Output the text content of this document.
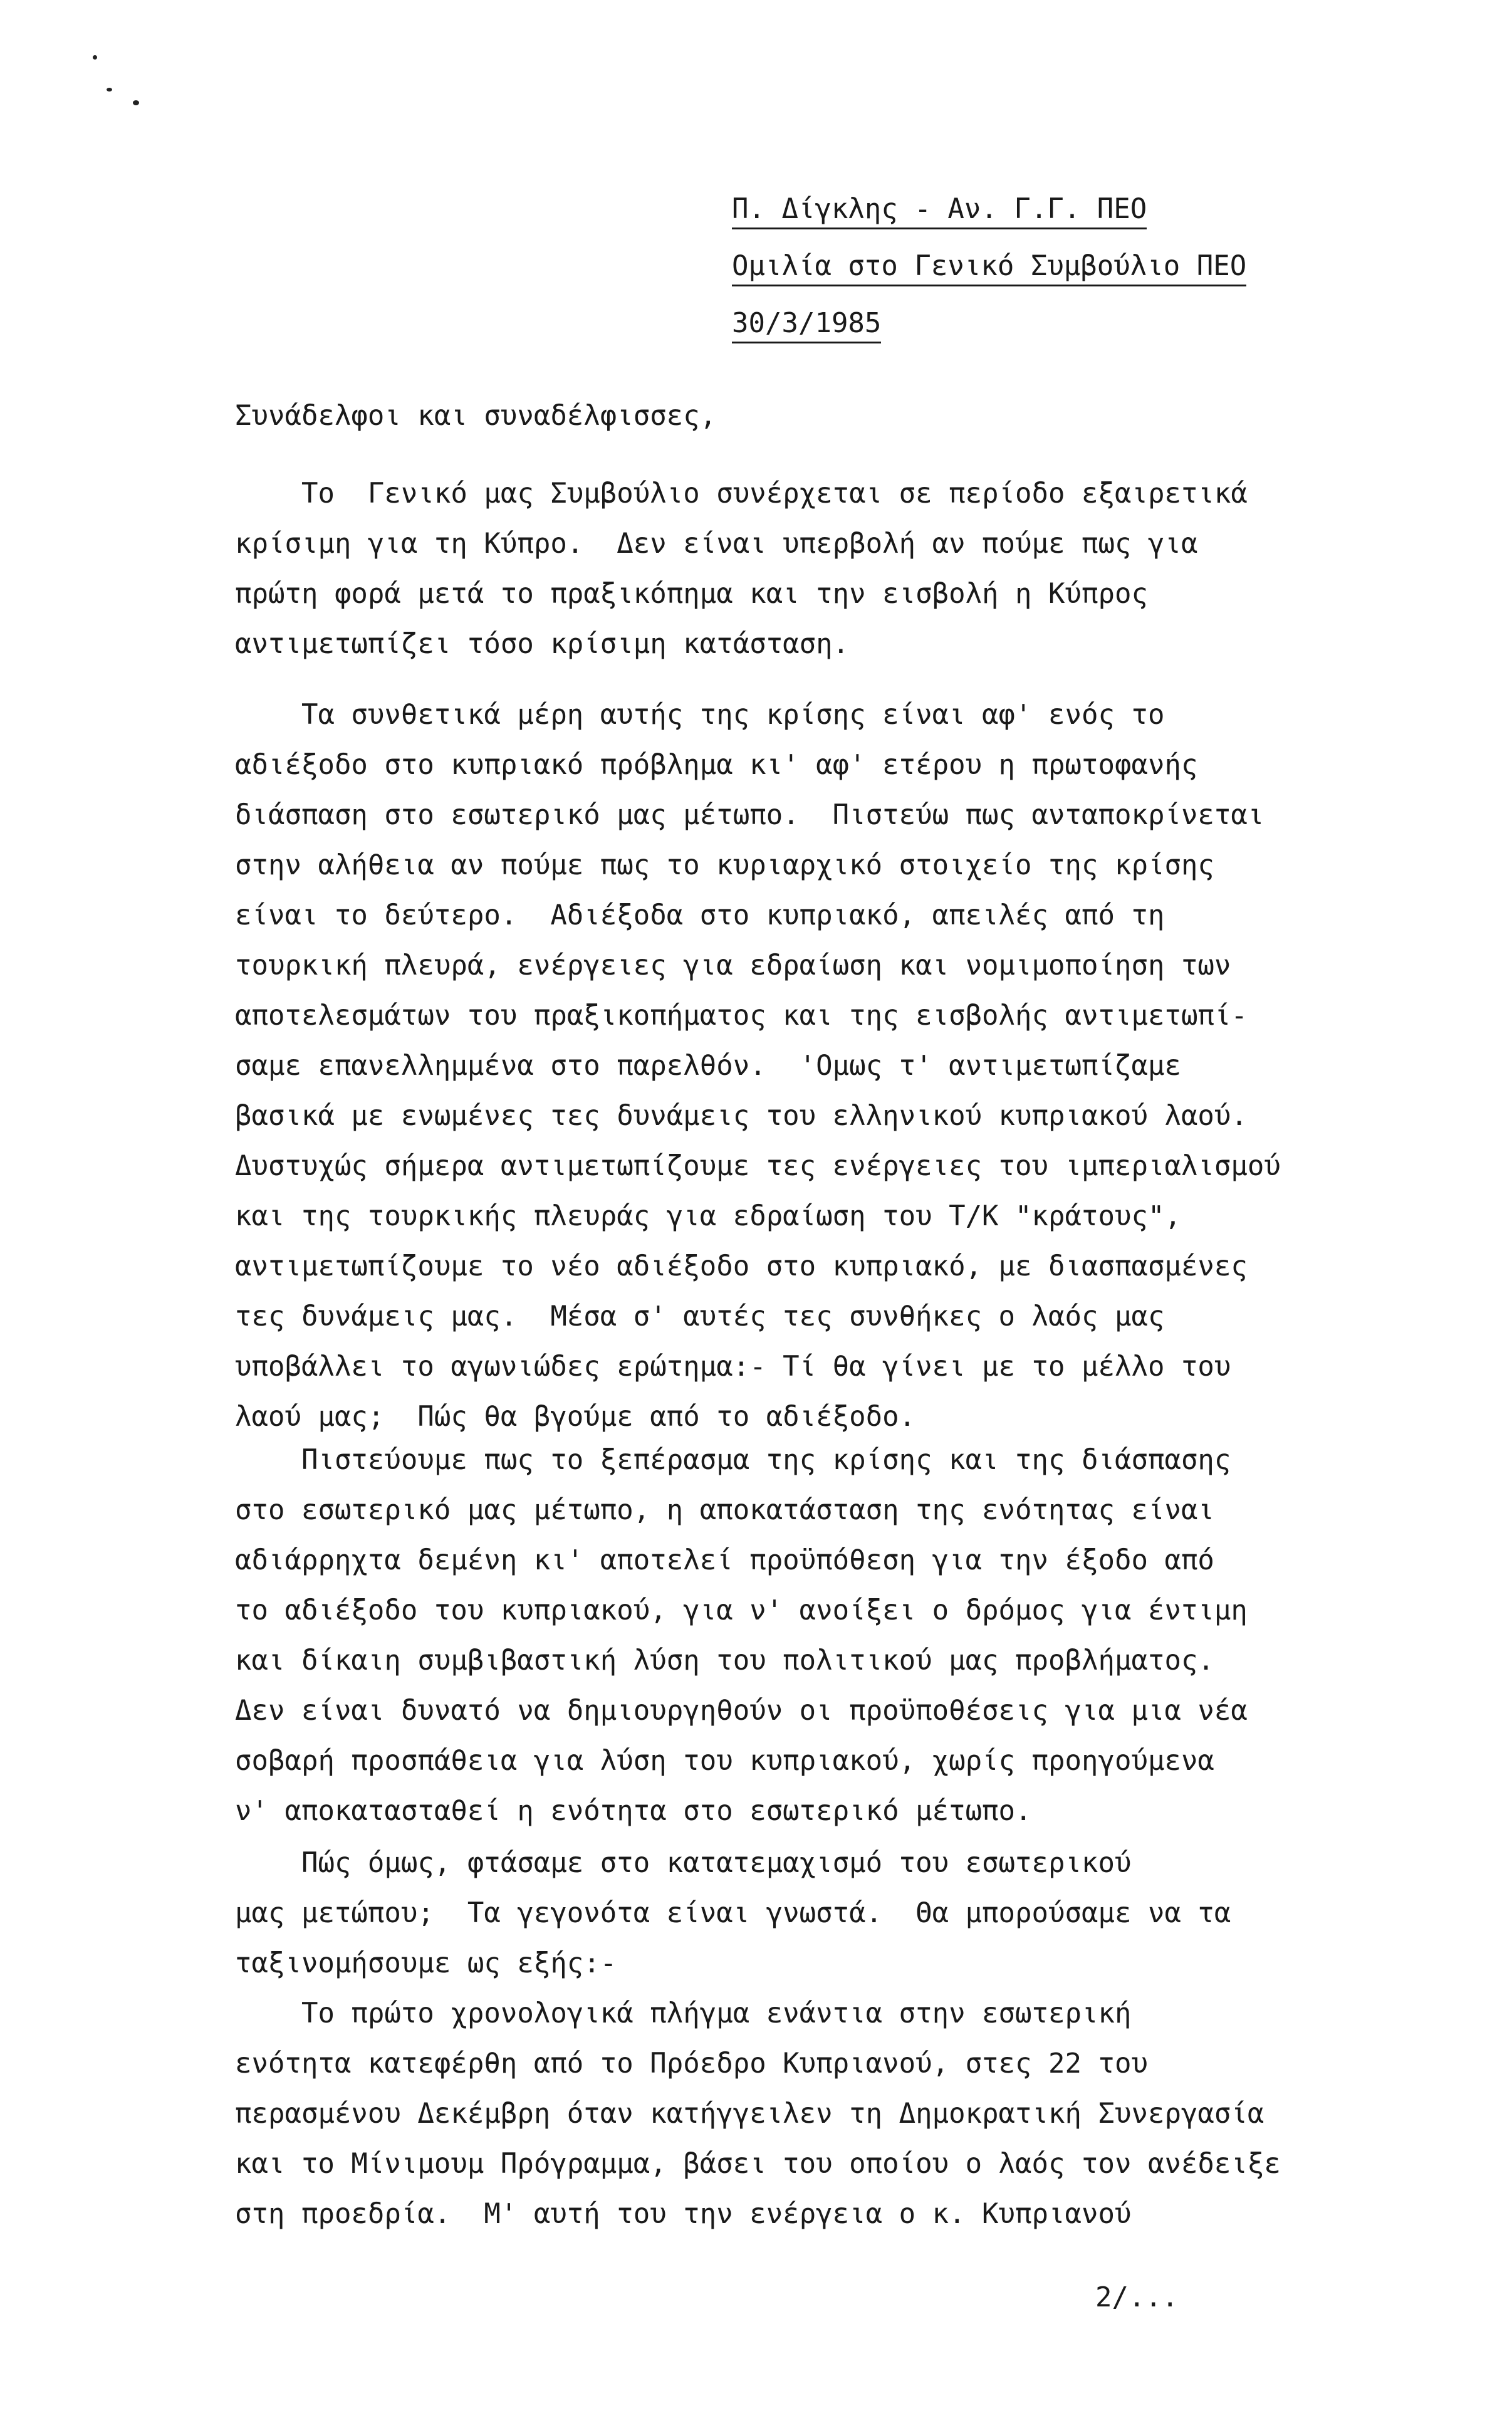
Π. Δίγκλης - Αν. Γ.Γ. ΠΕΟ
Ομιλία στο Γενικό Συμβούλιο ΠΕΟ
30/3/1985
Συνάδελφοι και συναδέλφισσες,
Το  Γενικό μας Συμβούλιο συνέρχεται σε περίοδο εξαιρετικά
κρίσιμη για τη Κύπρο.  Δεν είναι υπερβολή αν πούμε πως για
πρώτη φορά μετά το πραξικόπημα και την εισβολή η Κύπρος
αντιμετωπίζει τόσο κρίσιμη κατάσταση.
Τα συνθετικά μέρη αυτής της κρίσης είναι αφ' ενός το
αδιέξοδο στο κυπριακό πρόβλημα κι' αφ' ετέρου η πρωτοφανής
διάσπαση στο εσωτερικό μας μέτωπο.  Πιστεύω πως ανταποκρίνεται
στην αλήθεια αν πούμε πως το κυριαρχικό στοιχείο της κρίσης
είναι το δεύτερο.  Αδιέξοδα στο κυπριακό, απειλές από τη
τουρκική πλευρά, ενέργειες για εδραίωση και νομιμοποίηση των
αποτελεσμάτων του πραξικοπήματος και της εισβολής αντιμετωπί-
σαμε επανελλημμένα στο παρελθόν.  'Ομως τ' αντιμετωπίζαμε
βασικά με ενωμένες τες δυνάμεις του ελληνικού κυπριακού λαού.
Δυστυχώς σήμερα αντιμετωπίζουμε τες ενέργειες του ιμπεριαλισμού
και της τουρκικής πλευράς για εδραίωση του Τ/Κ "κράτους",
αντιμετωπίζουμε το νέο αδιέξοδο στο κυπριακό, με διασπασμένες
τες δυνάμεις μας.  Μέσα σ' αυτές τες συνθήκες ο λαός μας
υποβάλλει το αγωνιώδες ερώτημα:- Τί θα γίνει με το μέλλο του
λαού μας;  Πώς θα βγούμε από το αδιέξοδο.
Πιστεύουμε πως το ξεπέρασμα της κρίσης και της διάσπασης
στο εσωτερικό μας μέτωπο, η αποκατάσταση της ενότητας είναι
αδιάρρηχτα δεμένη κι' αποτελεί προϋπόθεση για την έξοδο από
το αδιέξοδο του κυπριακού, για ν' ανοίξει ο δρόμος για έντιμη
και δίκαιη συμβιβαστική λύση του πολιτικού μας προβλήματος.
Δεν είναι δυνατό να δημιουργηθούν οι προϋποθέσεις για μια νέα
σοβαρή προσπάθεια για λύση του κυπριακού, χωρίς προηγούμενα
ν' αποκατασταθεί η ενότητα στο εσωτερικό μέτωπο.
Πώς όμως, φτάσαμε στο κατατεμαχισμό του εσωτερικού
μας μετώπου;  Τα γεγονότα είναι γνωστά.  Θα μπορούσαμε να τα
ταξινομήσουμε ως εξής:-
Το πρώτο χρονολογικά πλήγμα ενάντια στην εσωτερική
ενότητα κατεφέρθη από το Πρόεδρο Κυπριανού, στες 22 του
περασμένου Δεκέμβρη όταν κατήγγειλεν τη Δημοκρατική Συνεργασία
και το Μίνιμουμ Πρόγραμμα, βάσει του οποίου ο λαός τον ανέδειξε
στη προεδρία.  Μ' αυτή του την ενέργεια ο κ. Κυπριανού
2/...
